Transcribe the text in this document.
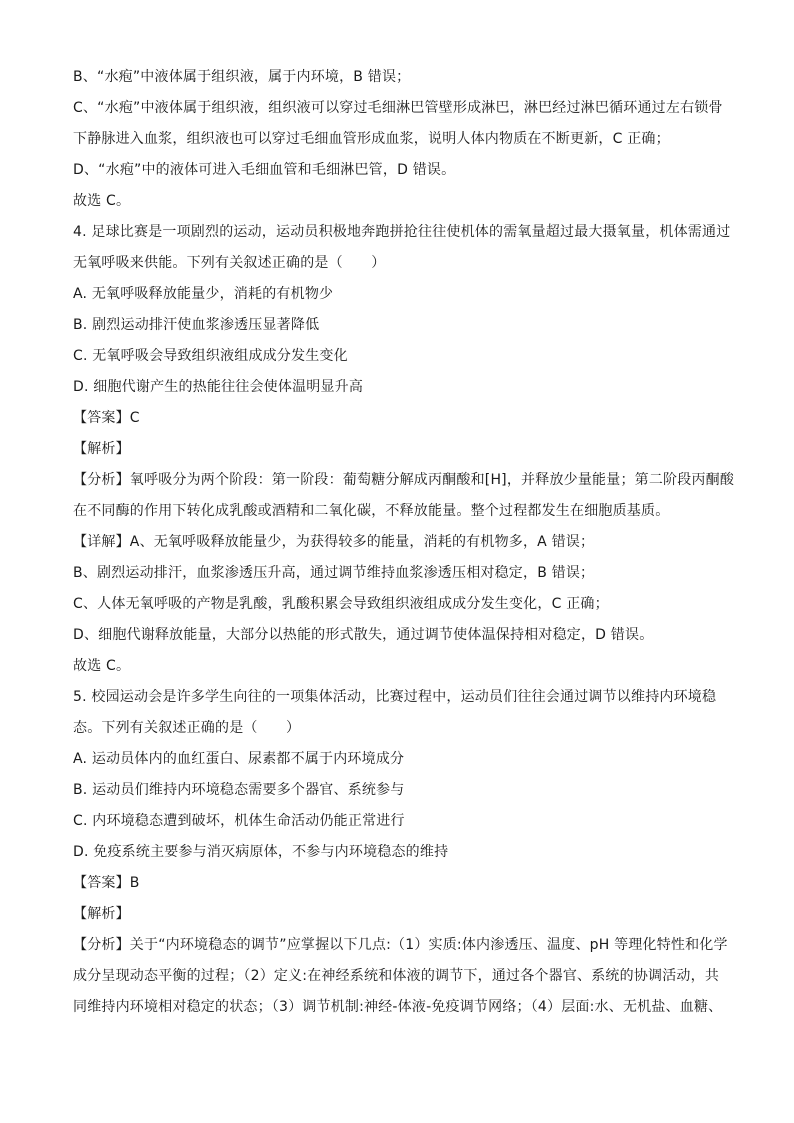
B、“水疱”中液体属于组织液，属于内环境，B 错误；
C、“水疱”中液体属于组织液，组织液可以穿过毛细淋巴管壁形成淋巴，淋巴经过淋巴循环通过左右锁骨
下静脉进入血浆，组织液也可以穿过毛细血管形成血浆，说明人体内物质在不断更新，C 正确；
D、“水疱”中的液体可进入毛细血管和毛细淋巴管，D 错误。
故选 C。
4. 足球比赛是一项剧烈的运动，运动员积极地奔跑拼抢往往使机体的需氧量超过最大摄氧量，机体需通过
无氧呼吸来供能。下列有关叙述正确的是（　　）
A. 无氧呼吸释放能量少，消耗的有机物少
B. 剧烈运动排汗使血浆渗透压显著降低
C. 无氧呼吸会导致组织液组成成分发生变化
D. 细胞代谢产生的热能往往会使体温明显升高
【答案】C
【解析】
【分析】氧呼吸分为两个阶段：第一阶段：葡萄糖分解成丙酮酸和[H]，并释放少量能量；第二阶段丙酮酸
在不同酶的作用下转化成乳酸或酒精和二氧化碳，不释放能量。整个过程都发生在细胞质基质。
【详解】A、无氧呼吸释放能量少，为获得较多的能量，消耗的有机物多，A 错误；
B、剧烈运动排汗，血浆渗透压升高，通过调节维持血浆渗透压相对稳定，B 错误；
C、人体无氧呼吸的产物是乳酸，乳酸积累会导致组织液组成成分发生变化，C 正确；
D、细胞代谢释放能量，大部分以热能的形式散失，通过调节使体温保持相对稳定，D 错误。
故选 C。
5. 校园运动会是许多学生向往的一项集体活动，比赛过程中，运动员们往往会通过调节以维持内环境稳
态。下列有关叙述正确的是（　　）
A. 运动员体内的血红蛋白、尿素都不属于内环境成分
B. 运动员们维持内环境稳态需要多个器官、系统参与
C. 内环境稳态遭到破坏，机体生命活动仍能正常进行
D. 免疫系统主要参与消灭病原体，不参与内环境稳态的维持
【答案】B
【解析】
【分析】关于“内环境稳态的调节”应掌握以下几点:（1）实质:体内渗透压、温度、pH 等理化特性和化学
成分呈现动态平衡的过程；（2）定义:在神经系统和体液的调节下，通过各个器官、系统的协调活动，共
同维持内环境相对稳定的状态；（3）调节机制:神经-体液-免疫调节网络；（4）层面:水、无机盐、血糖、
